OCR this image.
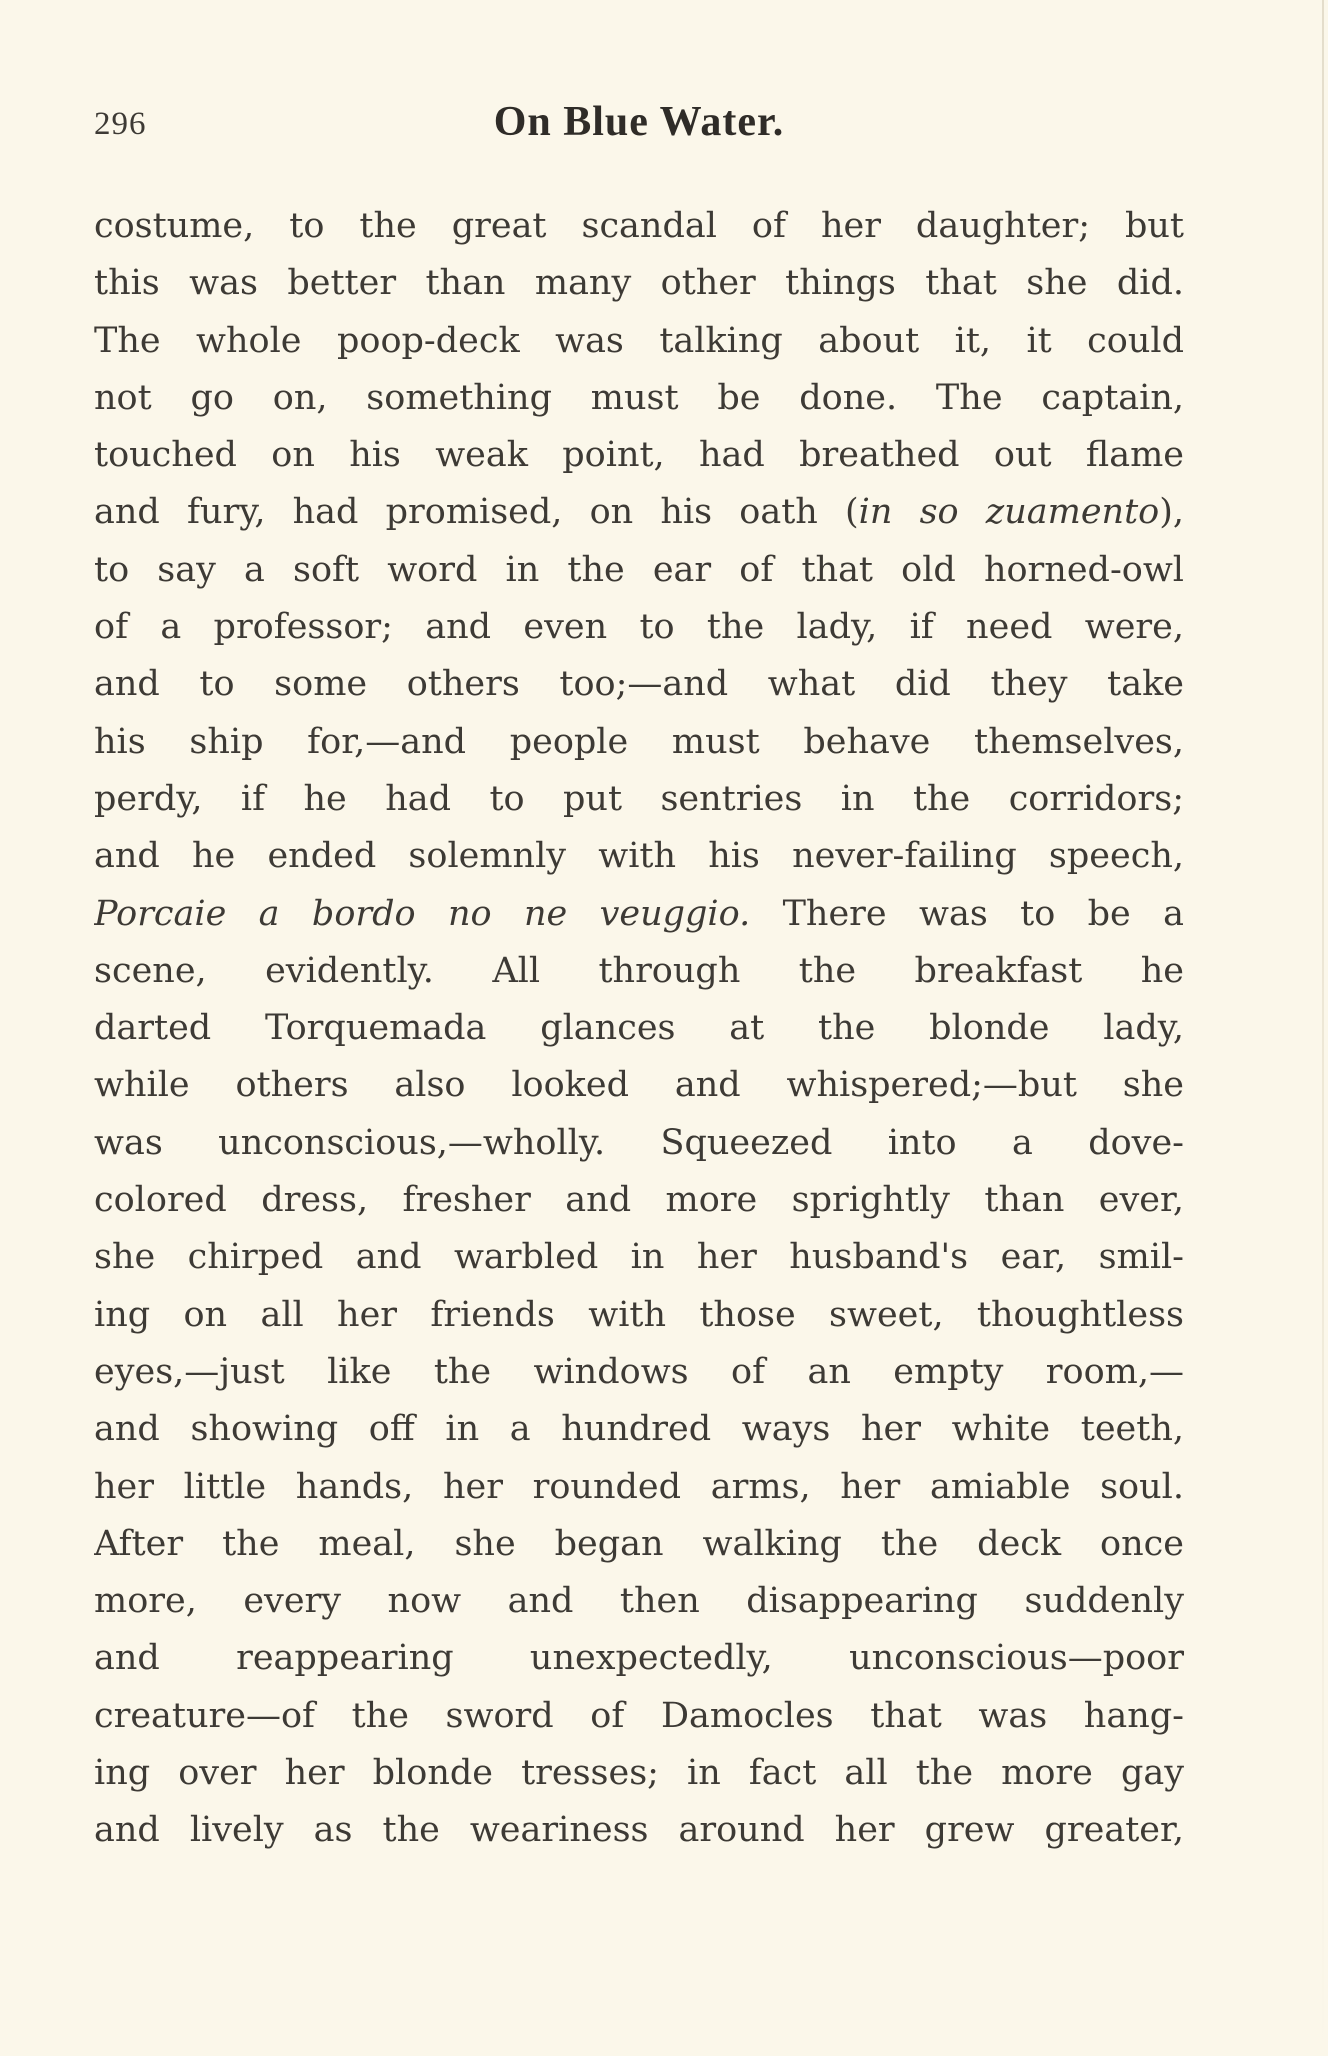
296	On Blue Water.
costume, to the great scandal of her daughter; but
this was better than many other things that she did.
The whole poop-deck was talking about it, it could
not go on, something must be done. The captain,
touched on his weak point, had breathed out flame
and fury, had promised, on his oath (in so zuamento),
to say a soft word in the ear of that old horned-owl
of a professor; and even to the lady, if need were,
and to some others too;—and what did they take
his ship for,—and people must behave themselves,
perdy, if he had to put sentries in the corridors;
and he ended solemnly with his never-failing speech,
Porcaie a bordo no ne veuggio. There was to be a
scene, evidently. All through the breakfast he
darted Torquemada glances at the blonde lady,
while others also looked and whispered;—but she
was unconscious,—wholly. Squeezed into a dove-
colored dress, fresher and more sprightly than ever,
she chirped and warbled in her husband's ear, smil-
ing on all her friends with those sweet, thoughtless
eyes,—just like the windows of an empty room,—
and showing off in a hundred ways her white teeth,
her little hands, her rounded arms, her amiable soul.
After the meal, she began walking the deck once
more, every now and then disappearing suddenly
and reappearing unexpectedly, unconscious—poor
creature—of the sword of Damocles that was hang-
ing over her blonde tresses; in fact all the more gay
and lively as the weariness around her grew greater,
